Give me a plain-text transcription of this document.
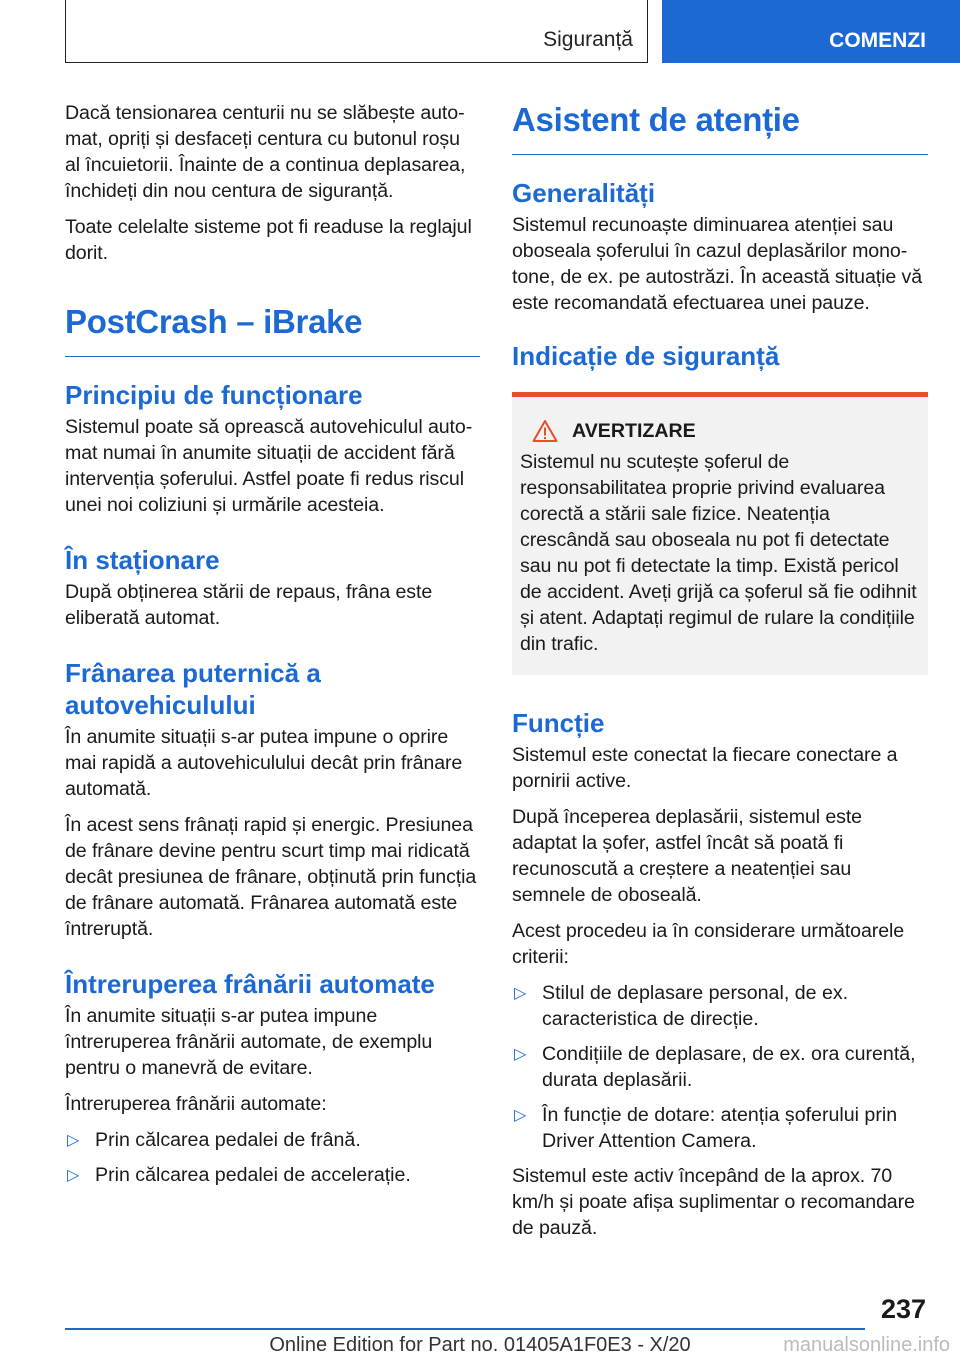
Siguranță	COMENZI

Dacă tensionarea centurii nu se slăbește automat, opriți și desfaceți centura cu butonul roșu al încuietorii. Înainte de a continua deplasarea, închideți din nou centura de siguranță.

Toate celelalte sisteme pot fi readuse la reglajul dorit.

PostCrash – iBrake
Principiu de funcționare

Sistemul poate să oprească autovehiculul automat numai în anumite situații de accident fără intervenția șoferului. Astfel poate fi redus riscul unei noi coliziuni și urmările acesteia.

În staționare

După obținerea stării de repaus, frâna este eliberată automat.

Frânarea puternică a autovehiculului

În anumite situații s-ar putea impune o oprire mai rapidă a autovehiculului decât prin frânare automată.

În acest sens frânați rapid și energic. Presiunea de frânare devine pentru scurt timp mai ridicată decât presiunea de frânare, obținută prin funcția de frânare automată. Frânarea automată este întreruptă.

Întreruperea frânării automate

În anumite situații s-ar putea impune întreruperea frânării automate, de exemplu pentru o manevră de evitare.

Întreruperea frânării automate:

▷ Prin călcarea pedalei de frână.
▷ Prin călcarea pedalei de accelerație.
Asistent de atenție
Generalități

Sistemul recunoaște diminuarea atenției sau oboseala șoferului în cazul deplasărilor monotone, de ex. pe autostrăzi. În această situație vă este recomandată efectuarea unei pauze.

Indicație de siguranță
AVERTIZARE

Sistemul nu scutește șoferul de responsabilitatea proprie privind evaluarea corectă a stării sale fizice. Neatenția crescândă sau oboseala nu pot fi detectate sau nu pot fi detectate la timp. Există pericol de accident. Aveți grijă ca șoferul să fie odihnit și atent. Adaptați regimul de rulare la condițiile din trafic.

Funcție

Sistemul este conectat la fiecare conectare a pornirii active.

După începerea deplasării, sistemul este adaptat la șofer, astfel încât să poată fi recunoscută a creștere a neatenției sau semnele de oboseală.

Acest procedeu ia în considerare următoarele criterii:

▷ Stilul de deplasare personal, de ex. caracteristica de direcție.
▷ Condițiile de deplasare, de ex. ora curentă, durata deplasării.
▷ În funcție de dotare: atenția șoferului prin Driver Attention Camera.

Sistemul este activ începând de la aprox. 70 km/h și poate afișa suplimentar o recomandare de pauză.

237
Online Edition for Part no. 01405A1F0E3 - X/20	manualsonline.info
